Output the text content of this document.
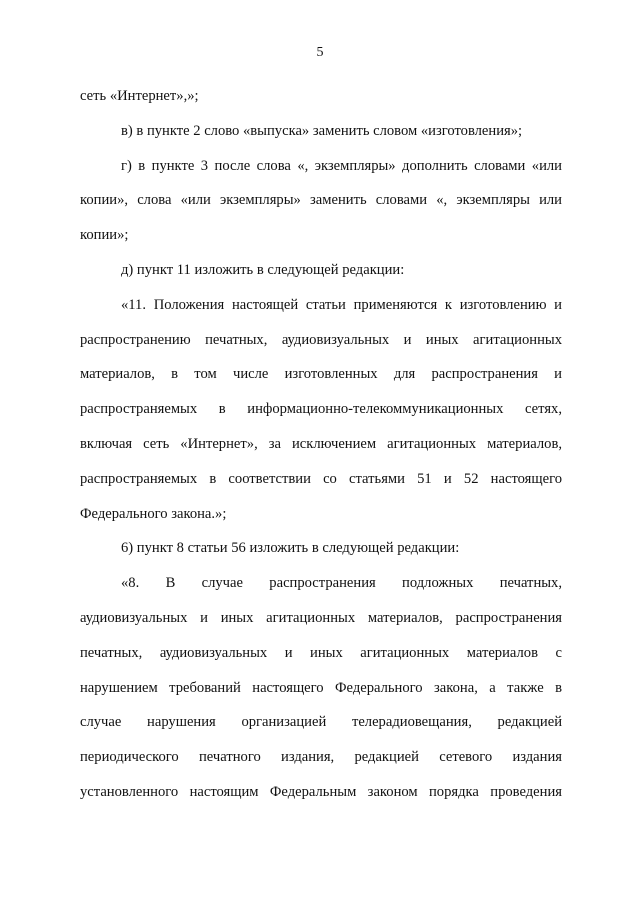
5
сеть «Интернет»,»;
в) в пункте 2 слово «выпуска» заменить словом «изготовления»;
г) в пункте 3 после слова «, экземпляры» дополнить словами «или
копии», слова «или экземпляры» заменить словами «, экземпляры или
копии»;
д) пункт 11 изложить в следующей редакции:
«11. Положения настоящей статьи применяются к изготовлению и
распространению печатных, аудиовизуальных и иных агитационных
материалов, в том числе изготовленных для распространения и
распространяемых в информационно-телекоммуникационных сетях,
включая сеть «Интернет», за исключением агитационных материалов,
распространяемых в соответствии со статьями 51 и 52 настоящего
Федерального закона.»;
6) пункт 8 статьи 56 изложить в следующей редакции:
«8. В случае распространения подложных печатных,
аудиовизуальных и иных агитационных материалов, распространения
печатных, аудиовизуальных и иных агитационных материалов с
нарушением требований настоящего Федерального закона, а также в
случае нарушения организацией телерадиовещания, редакцией
периодического печатного издания, редакцией сетевого издания
установленного настоящим Федеральным законом порядка проведения
